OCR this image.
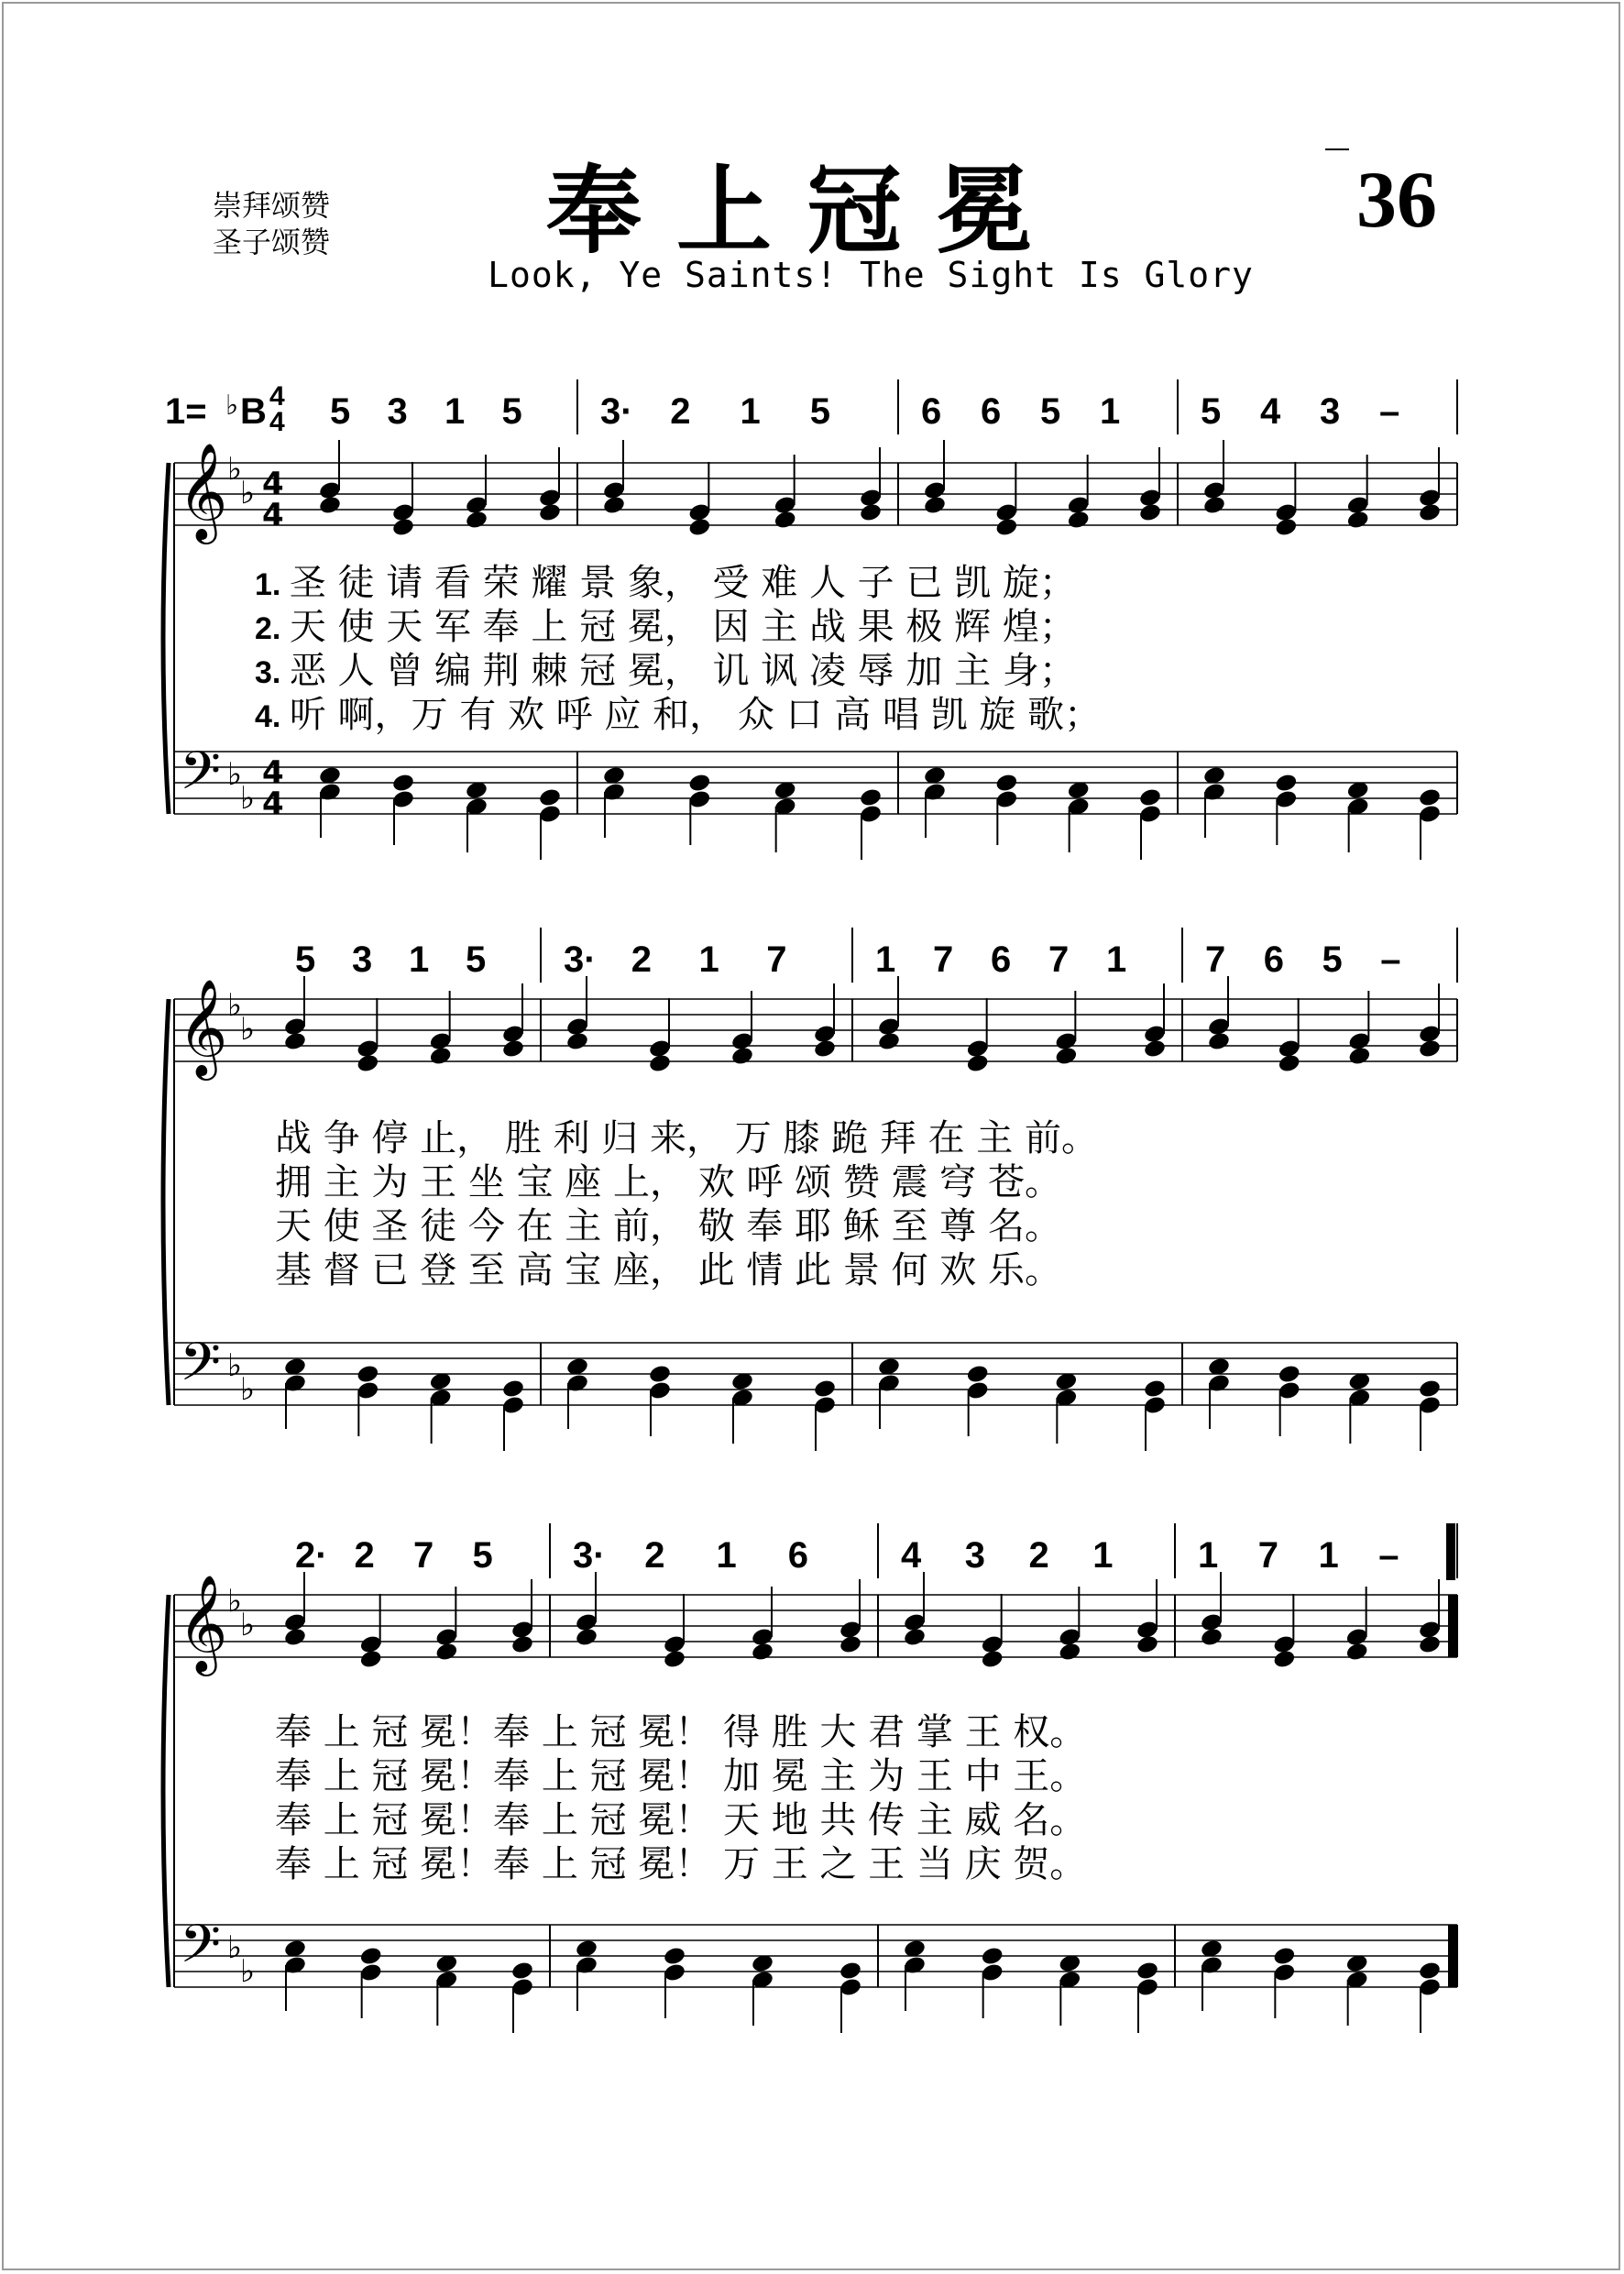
崇拜颂赞
圣子颂赞	奉上冠冕	36
Look, Ye Saints! The Sight Is Glory
1= ♭ B 4
4 5 3 1 5 3· 2 1 5 6 6 5 1 5 4 3 –
5 3 1 5 3· 2 1 7 1 7 6 7 1 7 6 5 –
2· 2 7 5 3· 2 1 6	4 3 2 1 1 7 1 –
𝄞
𝄢
♭
♭
♭
♭
4
4
4
4
𝄞
𝄢
♭
♭
♭
♭
𝄞
𝄢
♭
♭
♭
♭
1. 圣 徒 请 看 荣 耀 景 象， 受 难 人 子 已 凯 旋；
2. 天 使 天 军 奉 上 冠 冕， 因 主 战 果 极 辉 煌；
3. 恶 人 曾 编 荆 棘 冠 冕， 讥 讽 凌 辱 加 主 身；
4. 听 啊，万 有 欢 呼 应 和， 众 口 高 唱 凯 旋 歌；
战 争 停 止， 胜 利 归 来， 万 膝 跪 拜 在 主 前。
拥 主 为 王 坐 宝 座 上， 欢 呼 颂 赞 震 穹 苍。
天 使 圣 徒 今 在 主 前， 敬 奉 耶 稣 至 尊 名。
基 督 已 登 至 高 宝 座， 此 情 此 景 何 欢 乐。
奉 上 冠 冕！奉 上 冠 冕！ 得 胜 大 君 掌 王 权。
奉 上 冠 冕！奉 上 冠 冕！ 加 冕 主 为 王 中 王。
奉 上 冠 冕！奉 上 冠 冕！ 天 地 共 传 主 威 名。
奉 上 冠 冕！奉 上 冠 冕！ 万 王 之 王 当 庆 贺。
